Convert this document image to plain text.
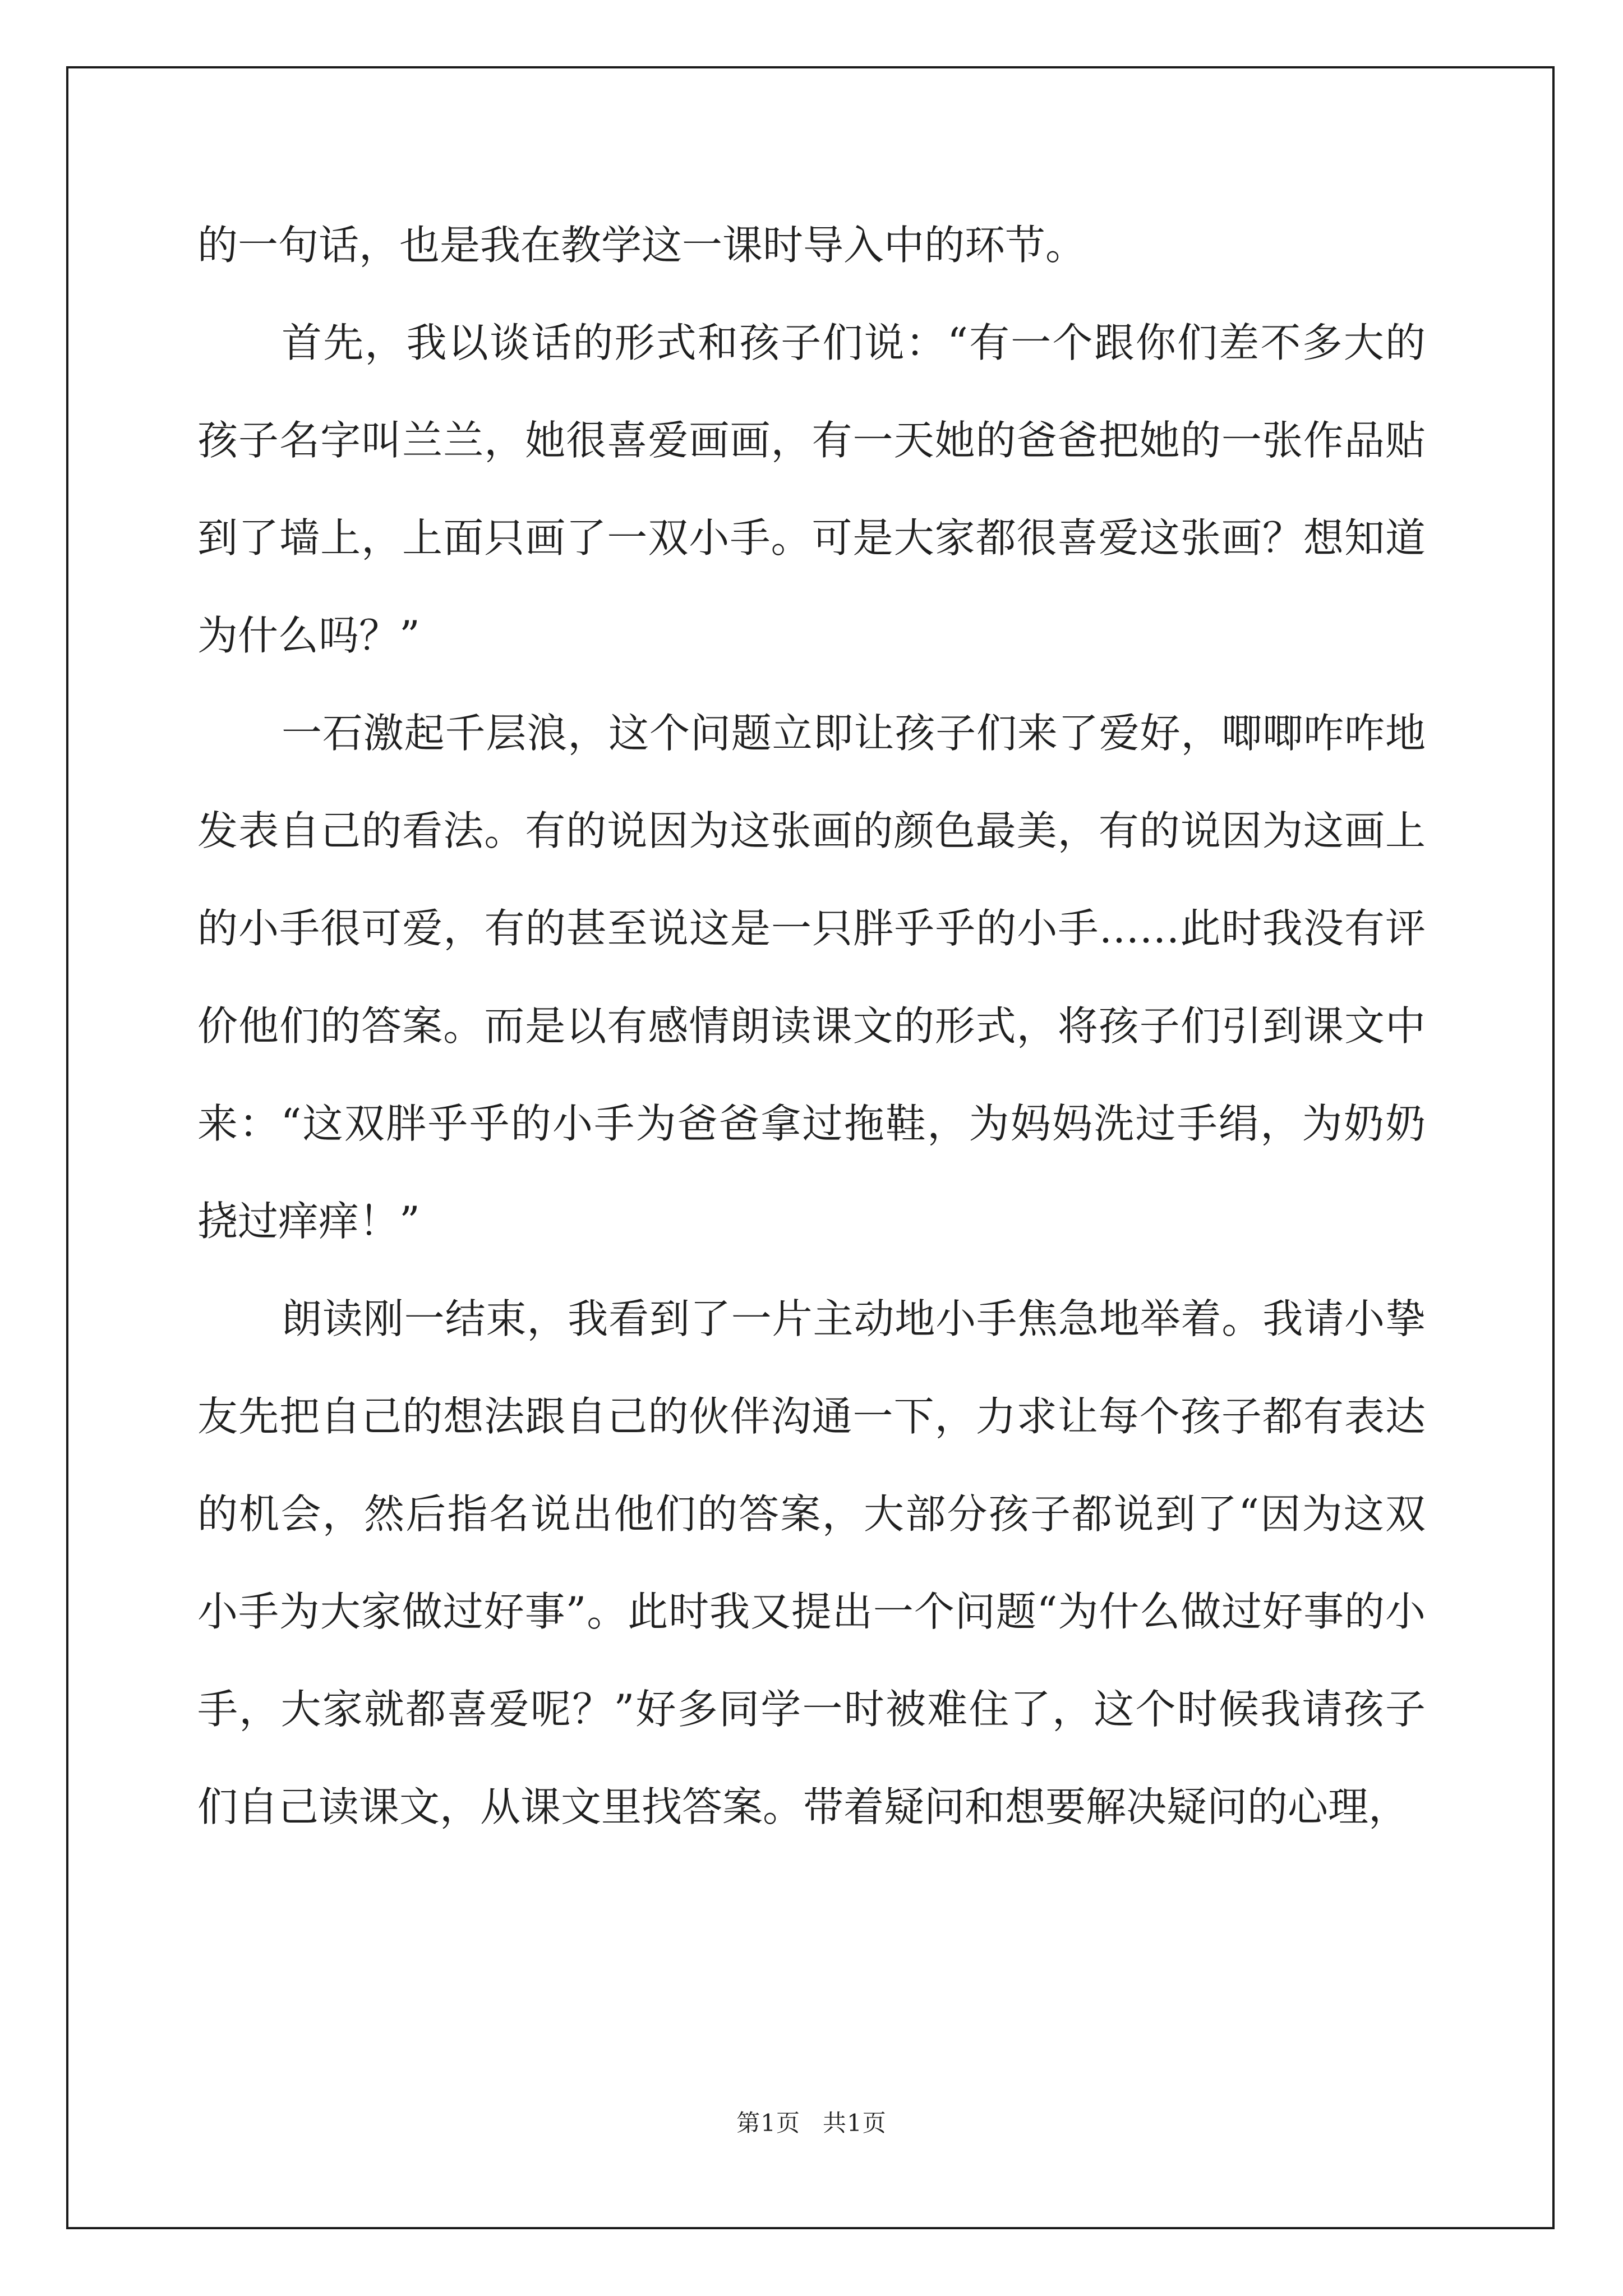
的一句话，也是我在教学这一课时导入中的环节。

首先，我以谈话的形式和孩子们说：“有一个跟你们差不多大的孩子名字叫兰兰，她很喜爱画画，有一天她的爸爸把她的一张作品贴到了墙上，上面只画了一双小手。可是大家都很喜爱这张画？想知道为什么吗？”

一石激起千层浪，这个问题立即让孩子们来了爱好，唧唧咋咋地发表自己的看法。有的说因为这张画的颜色最美，有的说因为这画上的小手很可爱，有的甚至说这是一只胖乎乎的小手……此时我没有评价他们的答案。而是以有感情朗读课文的形式，将孩子们引到课文中来：“这双胖乎乎的小手为爸爸拿过拖鞋，为妈妈洗过手绢，为奶奶挠过痒痒！”

朗读刚一结束，我看到了一片主动地小手焦急地举着。我请小挚友先把自己的想法跟自己的伙伴沟通一下，力求让每个孩子都有表达的机会，然后指名说出他们的答案，大部分孩子都说到了“因为这双小手为大家做过好事”。此时我又提出一个问题“为什么做过好事的小手，大家就都喜爱呢？”好多同学一时被难住了，这个时候我请孩子们自己读课文，从课文里找答案。带着疑问和想要解决疑问的心理，

第1页 共1页
